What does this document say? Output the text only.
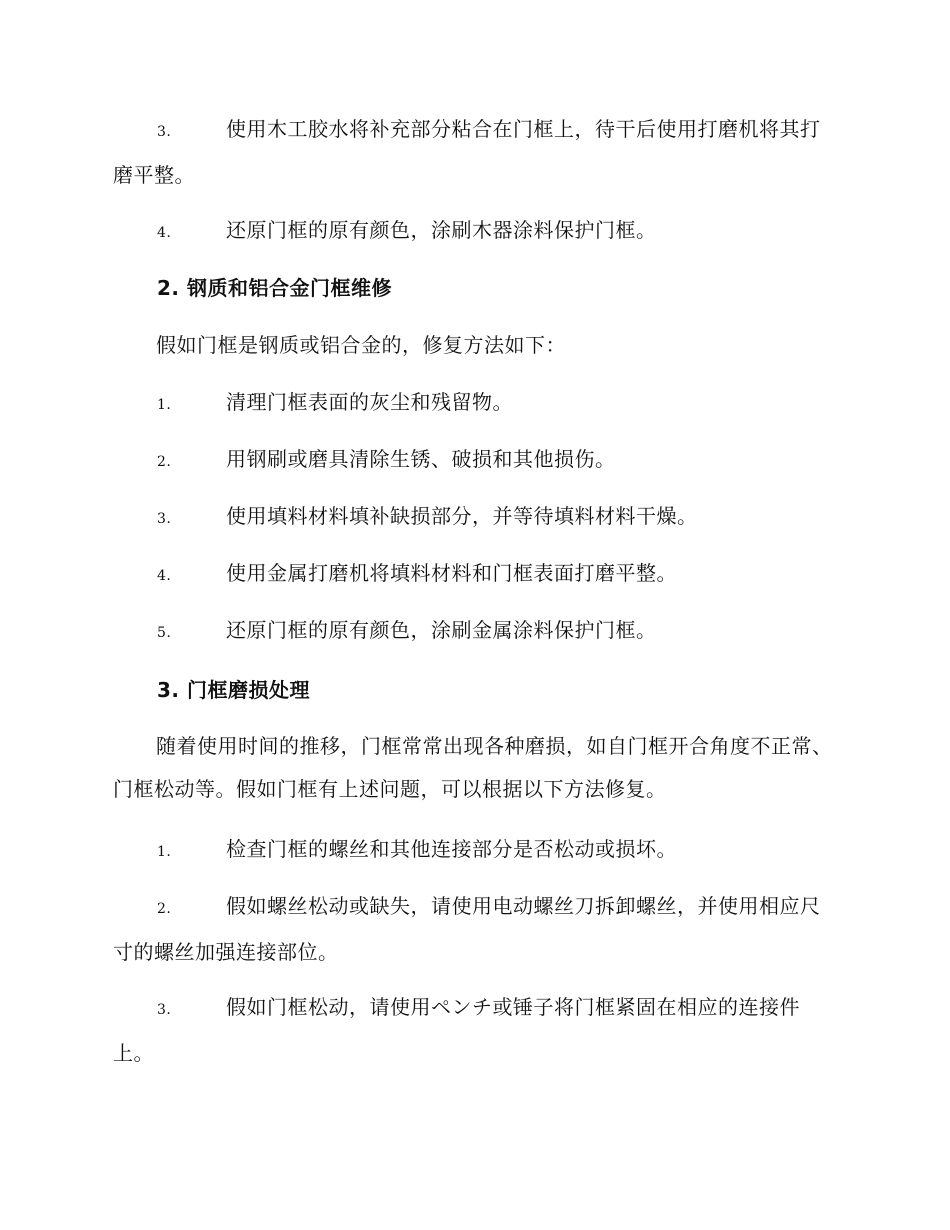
3.	使用木工胶水将补充部分粘合在门框上，待干后使用打磨机将其打磨平整。
4.	还原门框的原有颜色，涂刷木器涂料保护门框。
2. 钢质和铝合金门框维修
假如门框是钢质或铝合金的，修复方法如下：
1.	清理门框表面的灰尘和残留物。
2.	用钢刷或磨具清除生锈、破损和其他损伤。
3.	使用填料材料填补缺损部分，并等待填料材料干燥。
4.	使用金属打磨机将填料材料和门框表面打磨平整。
5.	还原门框的原有颜色，涂刷金属涂料保护门框。
3. 门框磨损处理
随着使用时间的推移，门框常常出现各种磨损，如自门框开合角度不正常、门框松动等。假如门框有上述问题，可以根据以下方法修复。
1.	检查门框的螺丝和其他连接部分是否松动或损坏。
2.	假如螺丝松动或缺失，请使用电动螺丝刀拆卸螺丝，并使用相应尺寸的螺丝加强连接部位。
3.	假如门框松动，请使用ペンチ或锤子将门框紧固在相应的连接件上。
